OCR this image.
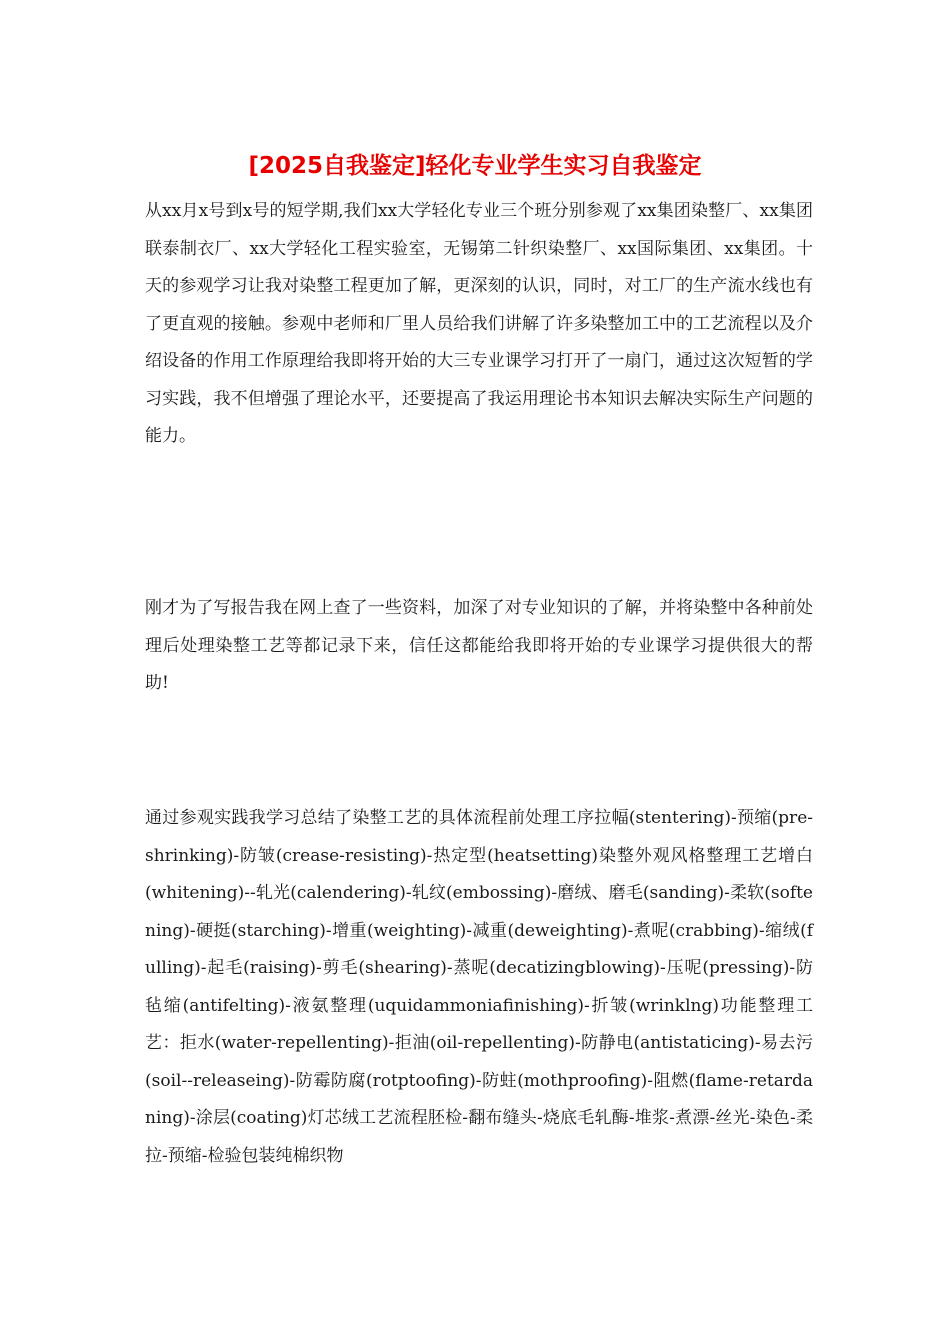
[2025自我鉴定]轻化专业学生实习自我鉴定

从xx月x号到x号的短学期,我们xx大学轻化专业三个班分别参观了xx集团染整厂、xx集团联泰制衣厂、xx大学轻化工程实验室，无锡第二针织染整厂、xx国际集团、xx集团。十天的参观学习让我对染整工程更加了解，更深刻的认识，同时，对工厂的生产流水线也有了更直观的接触。参观中老师和厂里人员给我们讲解了许多染整加工中的工艺流程以及介绍设备的作用工作原理给我即将开始的大三专业课学习打开了一扇门，通过这次短暂的学习实践，我不但增强了理论水平，还要提高了我运用理论书本知识去解决实际生产问题的能力。

刚才为了写报告我在网上查了一些资料，加深了对专业知识的了解，并将染整中各种前处理后处理染整工艺等都记录下来，信任这都能给我即将开始的专业课学习提供很大的帮助!

通过参观实践我学习总结了染整工艺的具体流程前处理工序拉幅(stentering)-预缩(pre-shrinking)-防皱(crease-resisting)-热定型(heatsetting)染整外观风格整理工艺增白(whitening)--轧光(calendering)-轧纹(embossing)-磨绒、磨毛(sanding)-柔软(softening)-硬挺(starching)-增重(weighting)-减重(deweighting)-煮呢(crabbing)-缩绒(fulling)-起毛(raising)-剪毛(shearing)-蒸呢(decatizingblowing)-压呢(pressing)-防毡缩(antifelting)-液氨整理(uquidammoniafinishing)-折皱(wrinklng)功能整理工艺：拒水(water-repellenting)-拒油(oil-repellenting)-防静电(antistaticing)-易去污(soil--releaseing)-防霉防腐(rotptoofing)-防蛀(mothproofing)-阻燃(flame-retardaning)-涂层(coating)灯芯绒工艺流程胚检-翻布缝头-烧底毛轧酶-堆浆-煮漂-丝光-染色-柔拉-预缩-检验包装纯棉织物
